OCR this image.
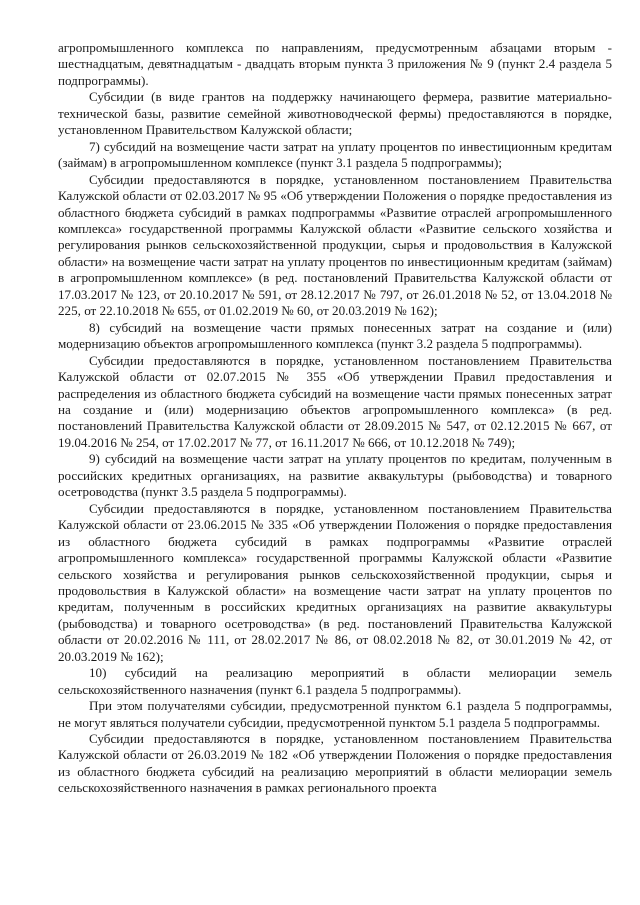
агропромышленного комплекса по направлениям, предусмотренным абзацами вторым - шестнадцатым, девятнадцатым - двадцать вторым пункта 3 приложения № 9 (пункт 2.4 раздела 5 подпрограммы).

Субсидии (в виде грантов на поддержку начинающего фермера, развитие материально-технической базы, развитие семейной животноводческой фермы) предоставляются в порядке, установленном Правительством Калужской области;

7) субсидий на возмещение части затрат на уплату процентов по инвестиционным кредитам (займам) в агропромышленном комплексе (пункт 3.1 раздела 5 подпрограммы);

Субсидии предоставляются в порядке, установленном постановлением Правительства Калужской области от 02.03.2017 № 95 «Об утверждении Положения о порядке предоставления из областного бюджета субсидий в рамках подпрограммы «Развитие отраслей агропромышленного комплекса» государственной программы Калужской области «Развитие сельского хозяйства и регулирования рынков сельскохозяйственной продукции, сырья и продовольствия в Калужской области» на возмещение части затрат на уплату процентов по инвестиционным кредитам (займам) в агропромышленном комплексе» (в ред. постановлений Правительства Калужской области от 17.03.2017 № 123, от 20.10.2017 № 591, от 28.12.2017 № 797, от 26.01.2018 № 52, от 13.04.2018 № 225, от 22.10.2018 № 655, от 01.02.2019 № 60, от 20.03.2019 № 162);

8) субсидий на возмещение части прямых понесенных затрат на создание и (или) модернизацию объектов агропромышленного комплекса (пункт 3.2 раздела 5 подпрограммы).

Субсидии предоставляются в порядке, установленном постановлением Правительства Калужской области от 02.07.2015 № 355 «Об утверждении Правил предоставления и распределения из областного бюджета субсидий на возмещение части прямых понесенных затрат на создание и (или) модернизацию объектов агропромышленного комплекса» (в ред. постановлений Правительства Калужской области от 28.09.2015 № 547, от 02.12.2015 № 667, от 19.04.2016 № 254, от 17.02.2017 № 77, от 16.11.2017 № 666, от 10.12.2018 № 749);

9) субсидий на возмещение части затрат на уплату процентов по кредитам, полученным в российских кредитных организациях, на развитие аквакультуры (рыбоводства) и товарного осетроводства (пункт 3.5 раздела 5 подпрограммы).

Субсидии предоставляются в порядке, установленном постановлением Правительства Калужской области от 23.06.2015 № 335 «Об утверждении Положения о порядке предоставления из областного бюджета субсидий в рамках подпрограммы «Развитие отраслей агропромышленного комплекса» государственной программы Калужской области «Развитие сельского хозяйства и регулирования рынков сельскохозяйственной продукции, сырья и продовольствия в Калужской области» на возмещение части затрат на уплату процентов по кредитам, полученным в российских кредитных организациях на развитие аквакультуры (рыбоводства) и товарного осетроводства» (в ред. постановлений Правительства Калужской области от 20.02.2016 № 111, от 28.02.2017 № 86, от 08.02.2018 № 82, от 30.01.2019 № 42, от 20.03.2019 № 162);

10) субсидий на реализацию мероприятий в области мелиорации земель сельскохозяйственного назначения (пункт 6.1 раздела 5 подпрограммы).

При этом получателями субсидии, предусмотренной пунктом 6.1 раздела 5 подпрограммы, не могут являться получатели субсидии, предусмотренной пунктом 5.1 раздела 5 подпрограммы.

Субсидии предоставляются в порядке, установленном постановлением Правительства Калужской области от 26.03.2019 № 182 «Об утверждении Положения о порядке предоставления из областного бюджета субсидий на реализацию мероприятий в области мелиорации земель сельскохозяйственного назначения в рамках регионального проекта
